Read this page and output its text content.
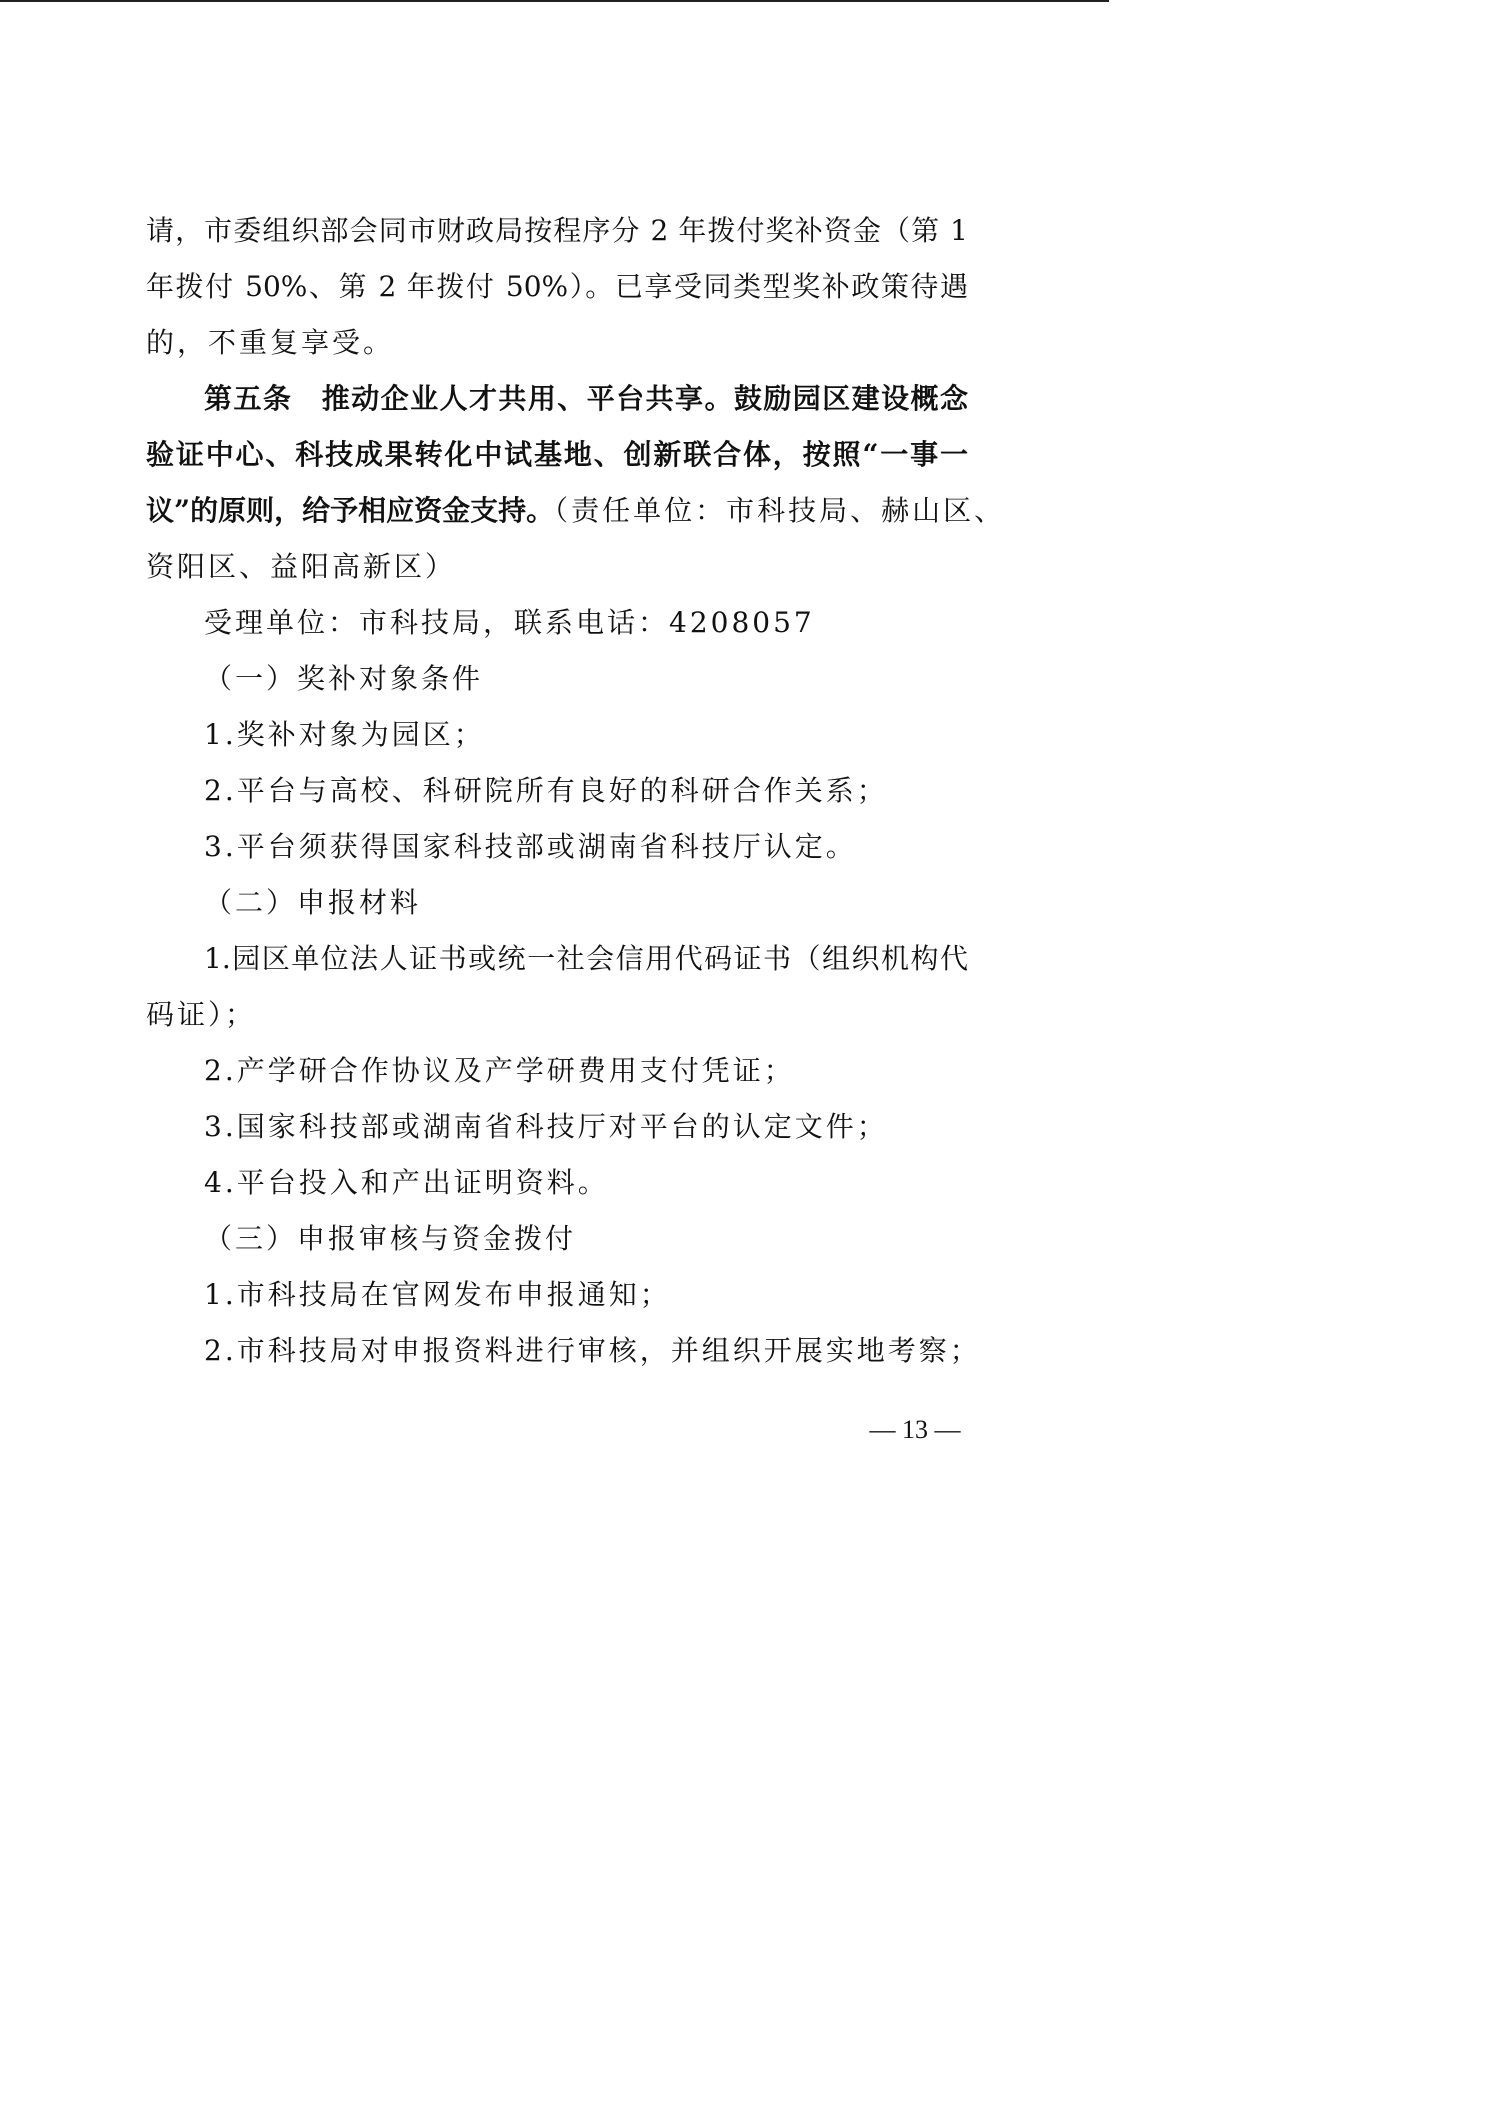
请，市委组织部会同市财政局按程序分 2 年拨付奖补资金（第 1
年拨付 50%、第 2 年拨付 50%）。已享受同类型奖补政策待遇
的，不重复享受。
第五条　推动企业人才共用、平台共享。鼓励园区建设概念
验证中心、科技成果转化中试基地、创新联合体，按照“一事一
议”的原则，给予相应资金支持。（责任单位：市科技局、赫山区、
资阳区、益阳高新区）
受理单位：市科技局，联系电话：4208057
（一）奖补对象条件
1.奖补对象为园区；
2.平台与高校、科研院所有良好的科研合作关系；
3.平台须获得国家科技部或湖南省科技厅认定。
（二）申报材料
1.园区单位法人证书或统一社会信用代码证书（组织机构代
码证）；
2.产学研合作协议及产学研费用支付凭证；
3.国家科技部或湖南省科技厅对平台的认定文件；
4.平台投入和产出证明资料。
（三）申报审核与资金拨付
1.市科技局在官网发布申报通知；
2.市科技局对申报资料进行审核，并组织开展实地考察；
— 13 —
